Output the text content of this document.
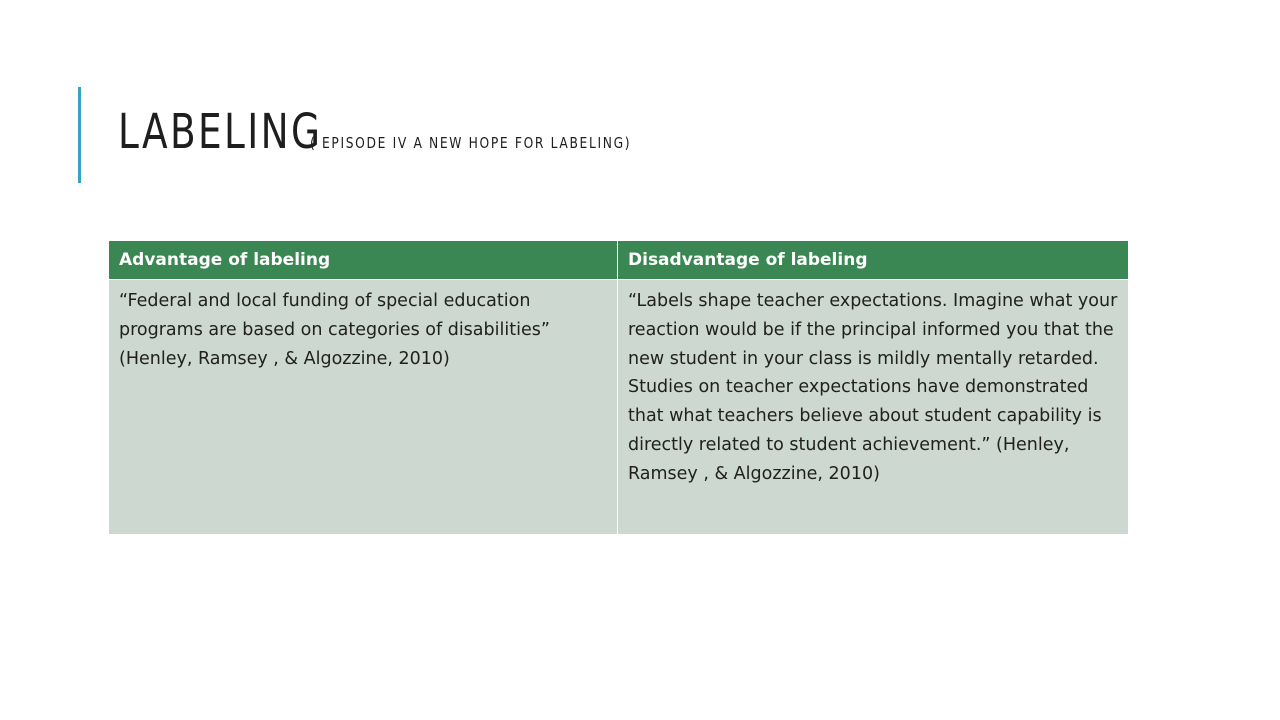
LABELING( EPISODE IV A NEW HOPE FOR LABELING)
Advantage of labeling	Disadvantage of labeling
“Federal and local funding of special education programs are based on categories of disabilities” (Henley, Ramsey , & Algozzine, 2010)	“Labels shape teacher expectations. Imagine what your reaction would be if the principal informed you that the new student in your class is mildly mentally retarded. Studies on teacher expectations have demonstrated that what teachers believe about student capability is directly related to student achievement.” (Henley, Ramsey , & Algozzine, 2010)
